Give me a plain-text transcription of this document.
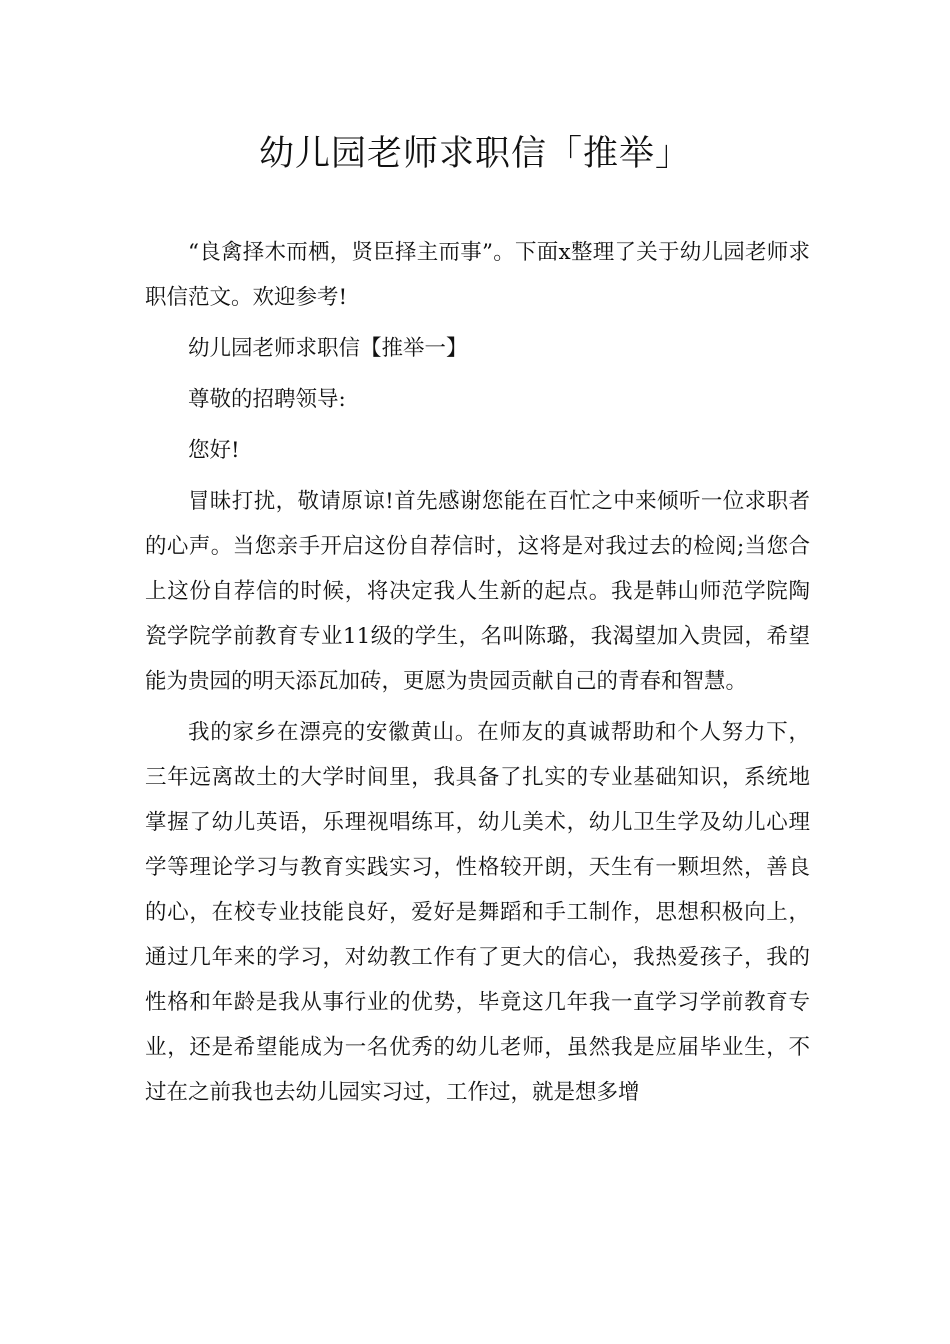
幼儿园老师求职信「推举」

“良禽择木而栖，贤臣择主而事”。下面x整理了关于幼儿园老师求职信范文。欢迎参考!

幼儿园老师求职信【推举一】

尊敬的招聘领导:

您好!

冒昧打扰，敬请原谅!首先感谢您能在百忙之中来倾听一位求职者的心声。当您亲手开启这份自荐信时，这将是对我过去的检阅;当您合上这份自荐信的时候，将决定我人生新的起点。我是韩山师范学院陶瓷学院学前教育专业11级的学生，名叫陈璐，我渴望加入贵园，希望能为贵园的明天添瓦加砖，更愿为贵园贡献自己的青春和智慧。

我的家乡在漂亮的安徽黄山。在师友的真诚帮助和个人努力下，三年远离故土的大学时间里，我具备了扎实的专业基础知识，系统地掌握了幼儿英语，乐理视唱练耳，幼儿美术，幼儿卫生学及幼儿心理学等理论学习与教育实践实习，性格较开朗，天生有一颗坦然，善良的心，在校专业技能良好，爱好是舞蹈和手工制作，思想积极向上，通过几年来的学习，对幼教工作有了更大的信心，我热爱孩子，我的性格和年龄是我从事行业的优势，毕竟这几年我一直学习学前教育专业，还是希望能成为一名优秀的幼儿老师，虽然我是应届毕业生，不过在之前我也去幼儿园实习过，工作过，就是想多增
